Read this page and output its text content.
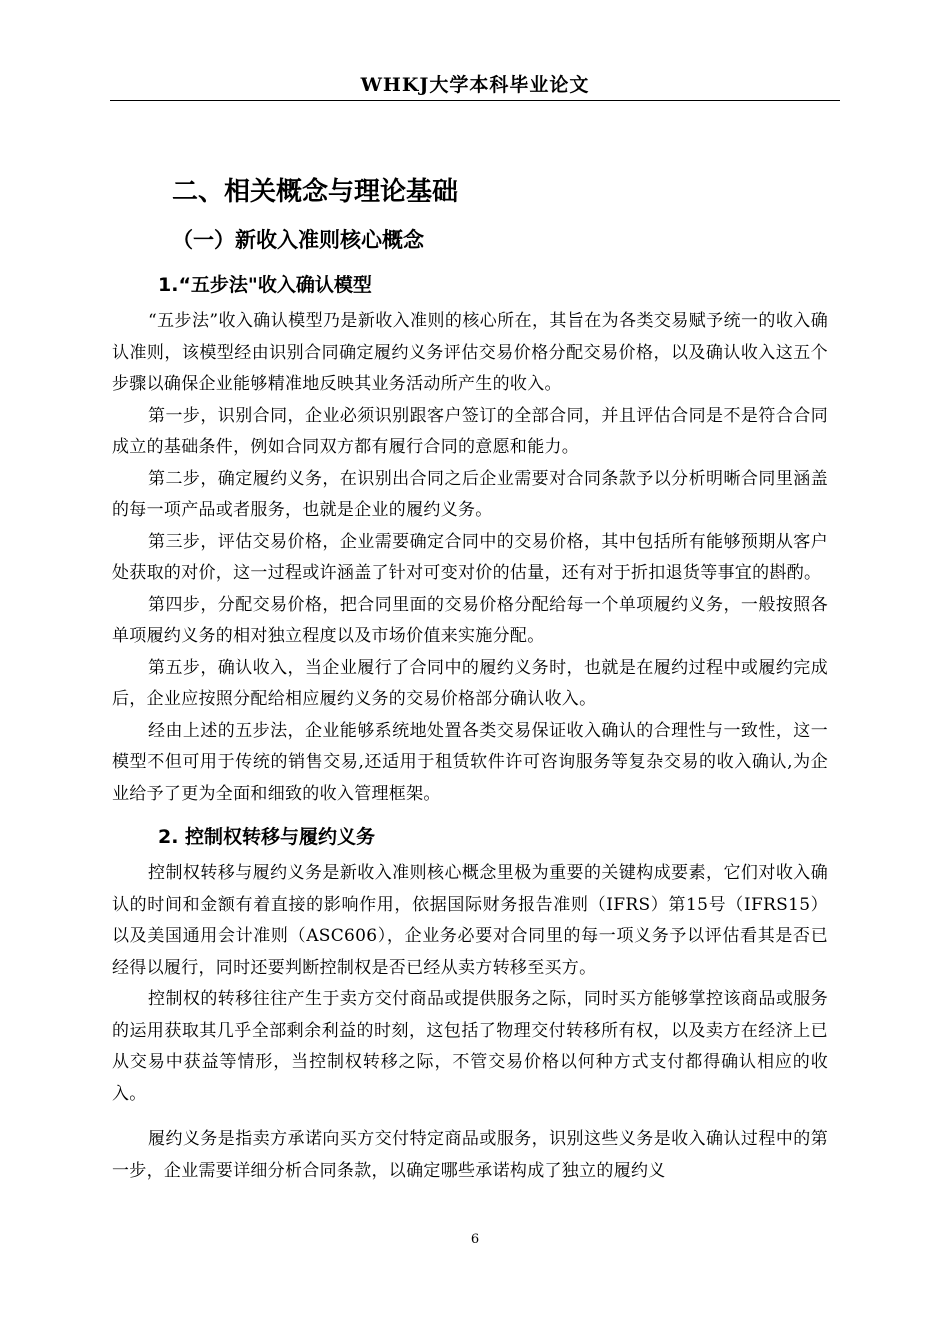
WHKJ大学本科毕业论文
二、相关概念与理论基础
（一）新收入准则核心概念
1.“五步法"收入确认模型

“五步法”收入确认模型乃是新收入准则的核心所在，其旨在为各类交易赋予统一的收入确认准则，该模型经由识别合同确定履约义务评估交易价格分配交易价格，以及确认收入这五个步骤以确保企业能够精准地反映其业务活动所产生的收入。

第一步，识别合同，企业必须识别跟客户签订的全部合同，并且评估合同是不是符合合同成立的基础条件，例如合同双方都有履行合同的意愿和能力。

第二步，确定履约义务，在识别出合同之后企业需要对合同条款予以分析明晰合同里涵盖的每一项产品或者服务，也就是企业的履约义务。

第三步，评估交易价格，企业需要确定合同中的交易价格，其中包括所有能够预期从客户处获取的对价，这一过程或许涵盖了针对可变对价的估量，还有对于折扣退货等事宜的斟酌。

第四步，分配交易价格，把合同里面的交易价格分配给每一个单项履约义务，一般按照各单项履约义务的相对独立程度以及市场价值来实施分配。

第五步，确认收入，当企业履行了合同中的履约义务时，也就是在履约过程中或履约完成后，企业应按照分配给相应履约义务的交易价格部分确认收入。

经由上述的五步法，企业能够系统地处置各类交易保证收入确认的合理性与一致性，这一模型不但可用于传统的销售交易,还适用于租赁软件许可咨询服务等复杂交易的收入确认,为企业给予了更为全面和细致的收入管理框架。

2. 控制权转移与履约义务

控制权转移与履约义务是新收入准则核心概念里极为重要的关键构成要素，它们对收入确认的时间和金额有着直接的影响作用，依据国际财务报告准则（IFRS）第15号（IFRS15）以及美国通用会计准则（ASC606），企业务必要对合同里的每一项义务予以评估看其是否已经得以履行，同时还要判断控制权是否已经从卖方转移至买方。

控制权的转移往往产生于卖方交付商品或提供服务之际，同时买方能够掌控该商品或服务的运用获取其几乎全部剩余利益的时刻，这包括了物理交付转移所有权，以及卖方在经济上已从交易中获益等情形，当控制权转移之际，不管交易价格以何种方式支付都得确认相应的收入。

履约义务是指卖方承诺向买方交付特定商品或服务，识别这些义务是收入确认过程中的第一步，企业需要详细分析合同条款，以确定哪些承诺构成了独立的履约义

6
